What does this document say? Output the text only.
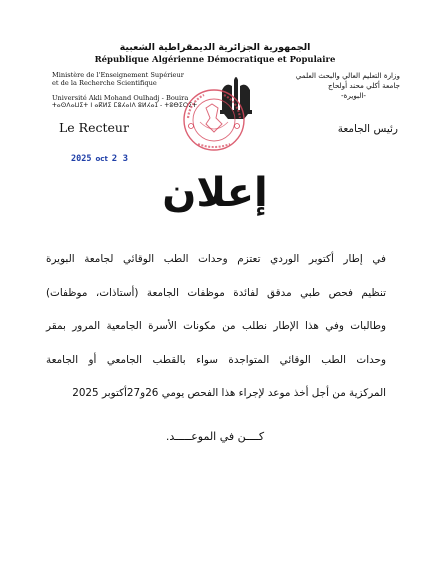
الجمهورية الجزائرية الديمقراطية الشعبية
République Algérienne Démocratique et Populaire
Ministère de l'Enseignement Supérieur
et de la Recherche Scientifique
Université Akli Mohand Oulhadj - Bouira
ⵜⴰⵙⴷⴰⵡⵉⵜ ⵏ ⴰⴽⵍⵉ ⵎⵓⵃⴰⵏⴷ ⵓⵍⵃⴰⵊ - ⵜⵓⴱⵉⵔⵉⵜ
وزارة التعليم العالي والبحث العلمي
جامعة أكلي محند أولحاج
-البويرة-
Le Recteur	رئيس الجامعة
2025 oct 2 3
إعلان
في إطار أكتوبر الوردي تعتزم وحدات الطب الوقائي لجامعة البويرة
تنظيم فحص طبي مدقق لفائدة موظفات الجامعة (أستاذات، موظفات)
وطالبات وفي هذا الإطار نطلب من مكونات الأسرة الجامعية المرور بمقر
وحدات الطب الوقائي المتواجدة سواء بالقطب الجامعي أو الجامعة
المركزية من أجل أخذ موعد لإجراء هذا الفحص يومي 26و27أكتوبر 2025
كــــن في الموعـــــد.
